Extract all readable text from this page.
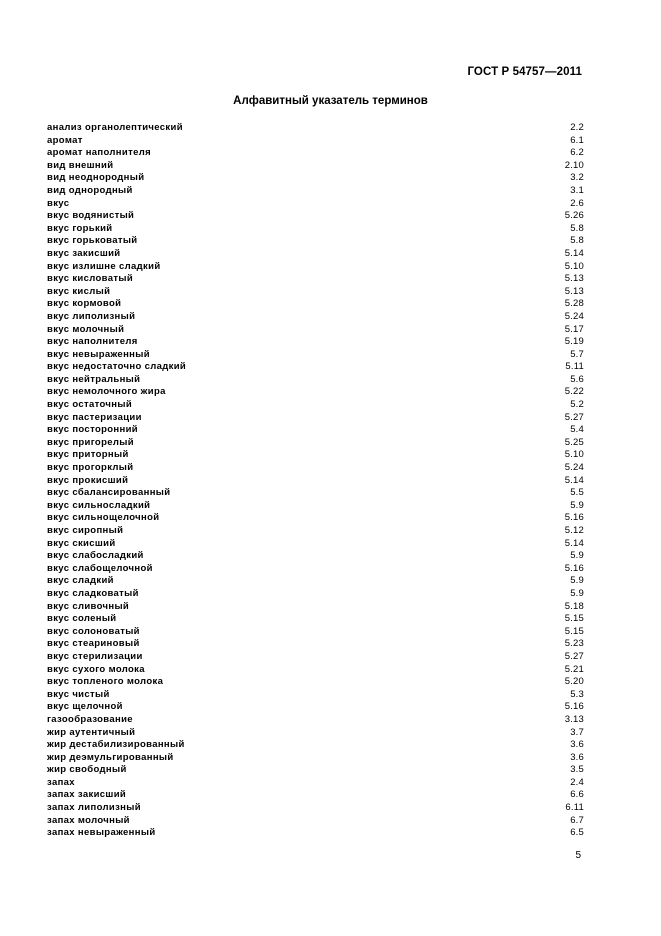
ГОСТ Р 54757—2011
Алфавитный указатель терминов
анализ органолептический	2.2
аромат	6.1
аромат наполнителя	6.2
вид внешний	2.10
вид неоднородный	3.2
вид однородный	3.1
вкус	2.6
вкус водянистый	5.26
вкус горький	5.8
вкус горьковатый	5.8
вкус закисший	5.14
вкус излишне сладкий	5.10
вкус кисловатый	5.13
вкус кислый	5.13
вкус кормовой	5.28
вкус липолизный	5.24
вкус молочный	5.17
вкус наполнителя	5.19
вкус невыраженный	5.7
вкус недостаточно сладкий	5.11
вкус нейтральный	5.6
вкус немолочного жира	5.22
вкус остаточный	5.2
вкус пастеризации	5.27
вкус посторонний	5.4
вкус пригорелый	5.25
вкус приторный	5.10
вкус прогорклый	5.24
вкус прокисший	5.14
вкус сбалансированный	5.5
вкус сильносладкий	5.9
вкус сильнощелочной	5.16
вкус сиропный	5.12
вкус скисший	5.14
вкус слабосладкий	5.9
вкус слабощелочной	5.16
вкус сладкий	5.9
вкус сладковатый	5.9
вкус сливочный	5.18
вкус соленый	5.15
вкус солоноватый	5.15
вкус стеариновый	5.23
вкус стерилизации	5.27
вкус сухого молока	5.21
вкус топленого молока	5.20
вкус чистый	5.3
вкус щелочной	5.16
газообразование	3.13
жир аутентичный	3.7
жир дестабилизированный	3.6
жир деэмульгированный	3.6
жир свободный	3.5
запах	2.4
запах закисший	6.6
запах липолизный	6.11
запах молочный	6.7
запах невыраженный	6.5
5
